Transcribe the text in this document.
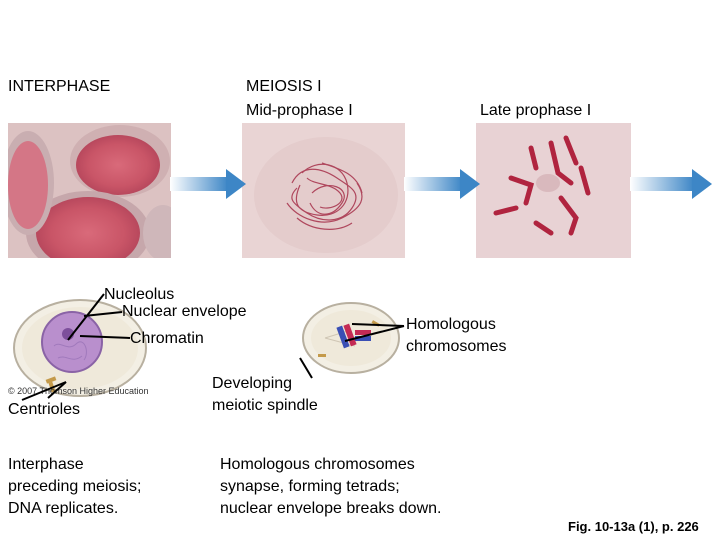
INTERPHASE	MEIOSIS I
Mid-prophase I	Late prophase I
© 2007 Thomson Higher Education
Nucleolus
Nuclear envelope
Chromatin
Centrioles
Developing
meiotic spindle
Homologous
chromosomes
Interphase
preceding meiosis;
DNA replicates.
Homologous chromosomes
synapse, forming tetrads;
nuclear envelope breaks down.
Fig. 10-13a (1), p. 226
